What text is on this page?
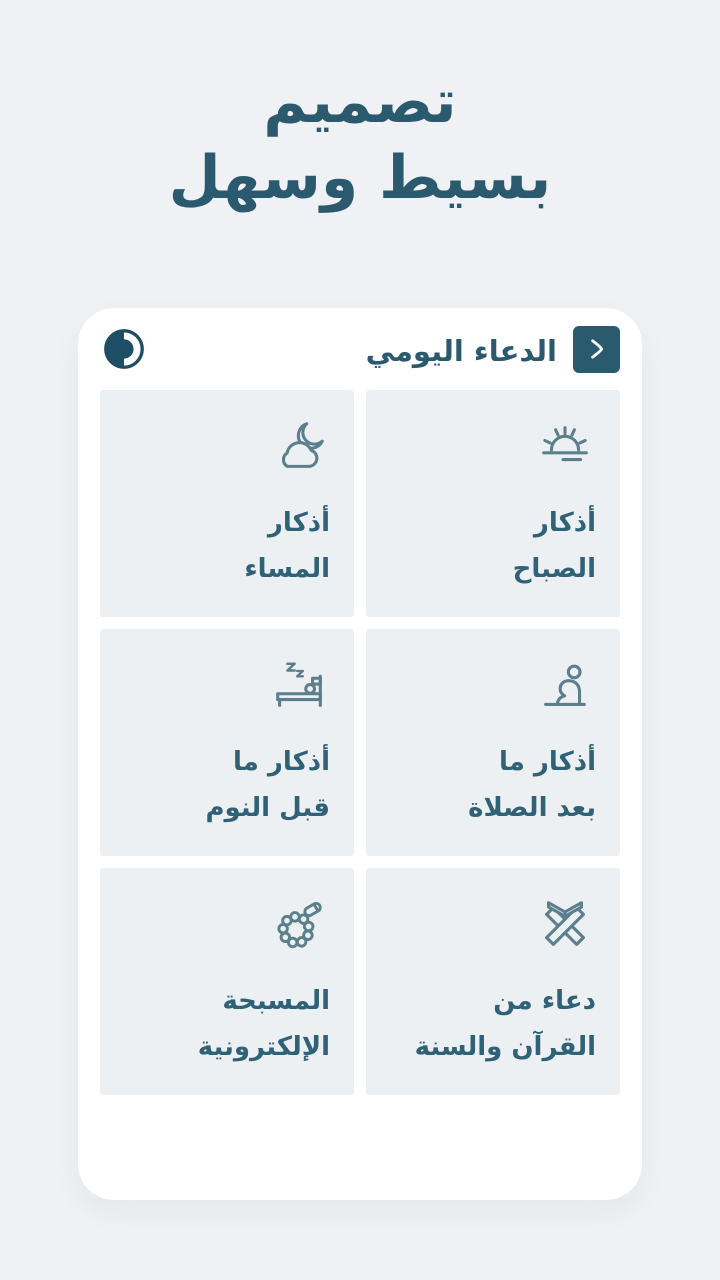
تصميم
بسيط وسهل
الدعاء اليومي
أذكار
الصباح
أذكار
المساء
أذكار ما
بعد الصلاة
أذكار ما
قبل النوم
دعاء من
القرآن والسنة
المسبحة
الإلكترونية
